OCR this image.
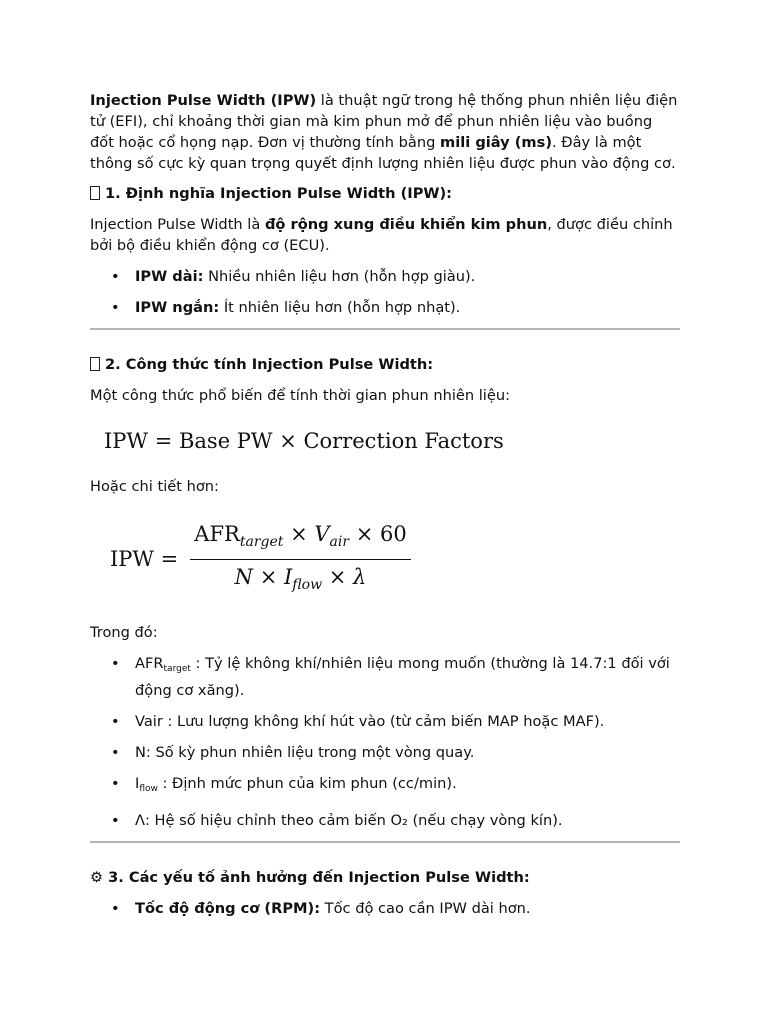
Injection Pulse Width (IPW) là thuật ngữ trong hệ thống phun nhiên liệu điện tử (EFI), chỉ khoảng thời gian mà kim phun mở để phun nhiên liệu vào buồng đốt hoặc cổ họng nạp. Đơn vị thường tính bằng mili giây (ms). Đây là một thông số cực kỳ quan trọng quyết định lượng nhiên liệu được phun vào động cơ.

1. Định nghĩa Injection Pulse Width (IPW):

Injection Pulse Width là độ rộng xung điều khiển kim phun, được điều chỉnh bởi bộ điều khiển động cơ (ECU).

• IPW dài: Nhiều nhiên liệu hơn (hỗn hợp giàu).
• IPW ngắn: Ít nhiên liệu hơn (hỗn hợp nhạt).

2. Công thức tính Injection Pulse Width:

Một công thức phổ biến để tính thời gian phun nhiên liệu:

IPW = Base PW × Correction Factors

Hoặc chi tiết hơn:

IPW = $\frac{AFR_{target} \times V_{air} \times 60}{N \times I_{flow} \times \lambda}$

Trong đó:

• $AFR_{target}$ : Tỷ lệ không khí/nhiên liệu mong muốn (thường là 14.7:1 đối với động cơ xăng).
• Vair : Lưu lượng không khí hút vào (từ cảm biến MAP hoặc MAF).
• N: Số kỳ phun nhiên liệu trong một vòng quay.
• $I_{flow}$ : Định mức phun của kim phun (cc/min).
• Λ: Hệ số hiệu chỉnh theo cảm biến O₂ (nếu chạy vòng kín).

⚙ 3. Các yếu tố ảnh hưởng đến Injection Pulse Width:

• Tốc độ động cơ (RPM): Tốc độ cao cần IPW dài hơn.
